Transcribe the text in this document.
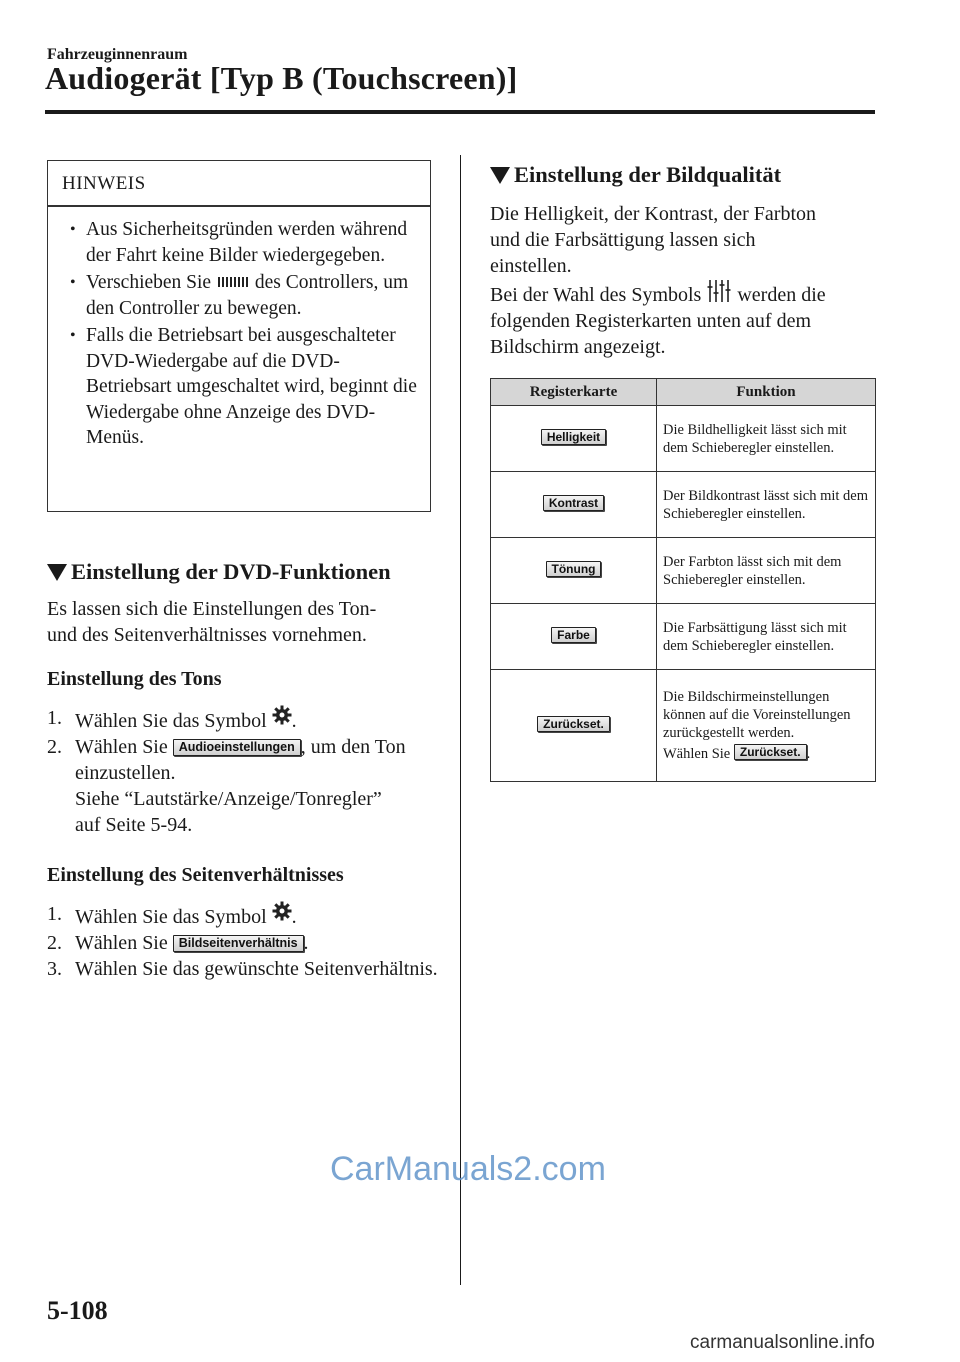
Fahrzeuginnenraum
Audiogerät [Typ B (Touchscreen)]
HINWEIS
• Aus Sicherheitsgründen werden während der Fahrt keine Bilder wiedergegeben.
• Verschieben Sie des Controllers, um den Controller zu bewegen.
• Falls die Betriebsart bei ausgeschalteter DVD-Wiedergabe auf die DVD-Betriebsart umgeschaltet wird, beginnt die Wiedergabe ohne Anzeige des DVD-Menüs.
Einstellung der DVD-Funktionen
Es lassen sich die Einstellungen des Ton-
und des Seitenverhältnisses vornehmen.
Einstellung des Tons
1. Wählen Sie das Symbol .
2. Wählen Sie Audioeinstellungen , um den Ton einzustellen.
Siehe “Lautstärke/Anzeige/Tonregler”
auf Seite 5-94.
Einstellung des Seitenverhältnisses
1. Wählen Sie das Symbol .
2. Wählen Sie Bildseitenverhältnis .
3. Wählen Sie das gewünschte Seitenverhältnis.
Einstellung der Bildqualität
Die Helligkeit, der Kontrast, der Farbton
und die Farbsättigung lassen sich
einstellen.
Bei der Wahl des Symbols werden die
folgenden Registerkarten unten auf dem
Bildschirm angezeigt.
Registerkarte	Funktion
Helligkeit	Die Bildhelligkeit lässt sich mit dem Schieberegler einstellen.
Kontrast	Der Bildkontrast lässt sich mit dem Schieberegler einstellen.
Tönung	Der Farbton lässt sich mit dem Schieberegler einstellen.
Farbe	Die Farbsättigung lässt sich mit dem Schieberegler einstellen.
Zurückset.	Die Bildschirmeinstellungen können auf die Voreinstellungen zurückgestellt werden.
Wählen Sie Zurückset. .
5-108
CarManuals2.com
carmanualsonline.info
